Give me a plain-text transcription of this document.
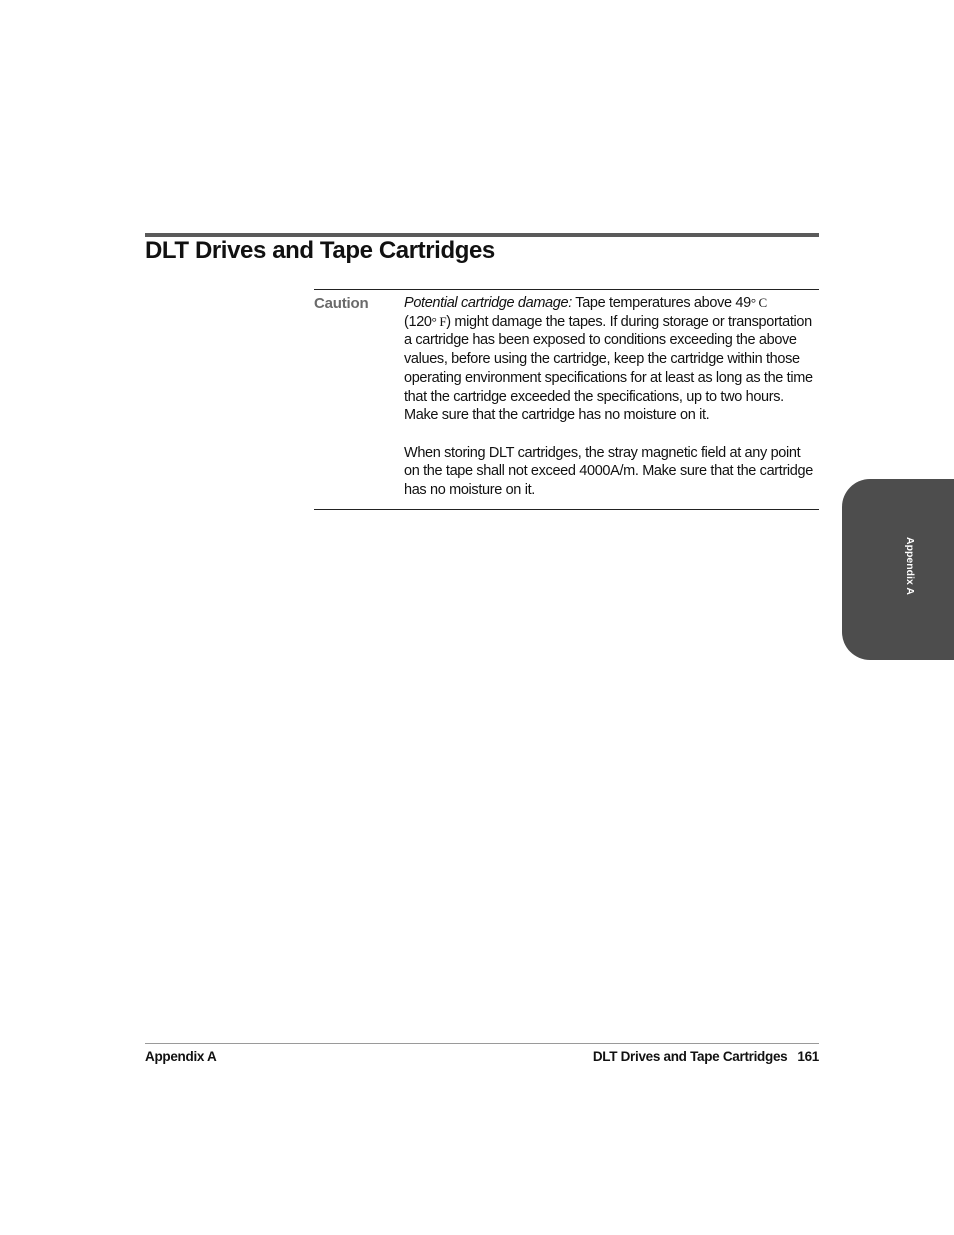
DLT Drives and Tape Cartridges
Caution Potential cartridge damage: Tape temperatures above 49° C
(120° F) might damage the tapes. If during storage or transportation a cartridge has been exposed to conditions exceeding the above values, before using the cartridge, keep the cartridge within those operating environment specifications for at least as long as the time that the cartridge exceeded the specifications, up to two hours. Make sure that the cartridge has no moisture on it.

When storing DLT cartridges, the stray magnetic field at any point on the tape shall not exceed 4000A/m. Make sure that the cartridge has no moisture on it.

Appendix A
Appendix A	DLT Drives and Tape Cartridges 161
